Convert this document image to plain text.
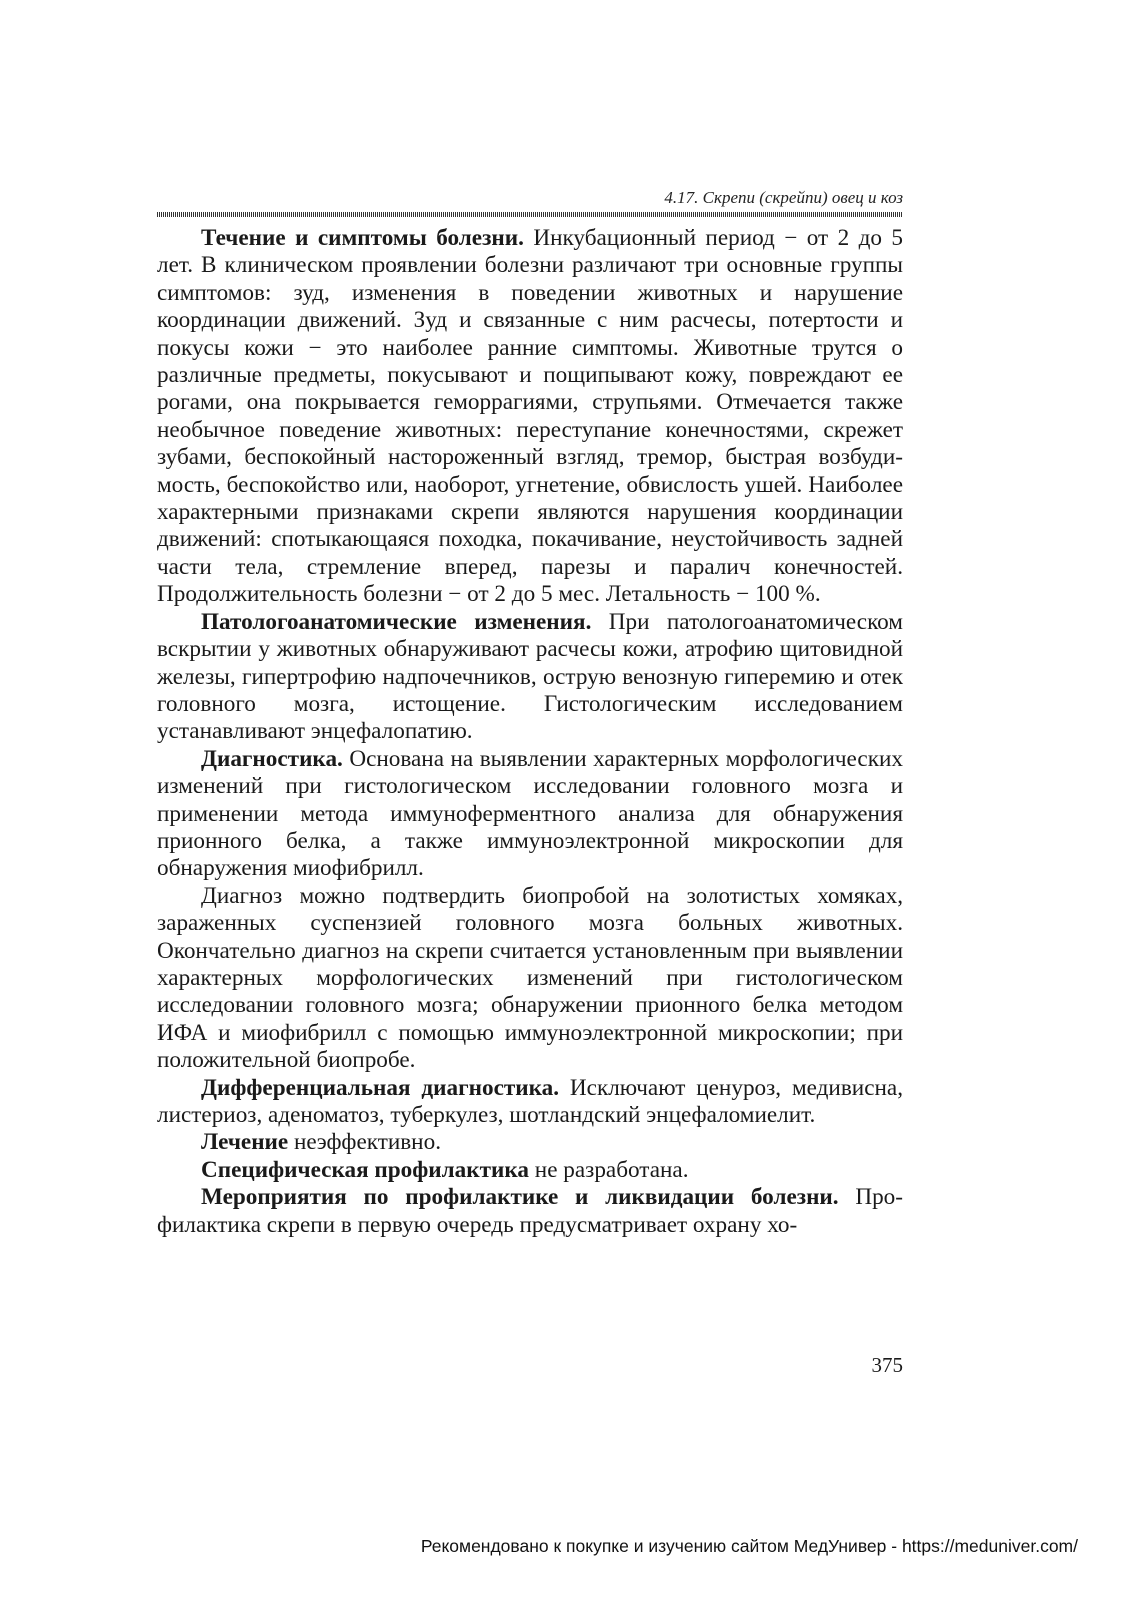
4.17. Скрепи (скрейпи) овец и коз

Течение и симптомы болезни. Инкубационный период − от 2 до 5 лет. В клиническом проявлении болезни различают три основные группы симптомов: зуд, изменения в поведении животных и нарушение координации движений. Зуд и связанные с ним расчесы, потертости и покусы кожи − это наиболее ранние симптомы. Животные трутся о различные предметы, покусывают и пощипывают кожу, повреждают ее рогами, она покрывается геморрагиями, струпьями. Отмечается также необычное поведение животных: переступание конечностями, скрежет зубами, беспокойный настороженный взгляд, тремор, быстрая возбудимость, беспокойство или, наоборот, угнетение, обвислость ушей. Наиболее характерными признаками скрепи являются нарушения координации движений: спотыкающаяся походка, покачивание, неустойчивость задней части тела, стремление вперед, парезы и паралич конечностей. Продолжительность болезни − от 2 до 5 мес. Летальность − 100 %.

Патологоанатомические изменения. При патологоанатомическом вскрытии у животных обнаруживают расчесы кожи, атрофию щитовидной железы, гипертрофию надпочечников, острую венозную гиперемию и отек головного мозга, истощение. Гистологическим исследованием устанавливают энцефалопатию.

Диагностика. Основана на выявлении характерных морфологических изменений при гистологическом исследовании головного мозга и применении метода иммуноферментного анализа для обнаружения прионного белка, а также иммуноэлектронной микроскопии для обнаружения миофибрилл.

Диагноз можно подтвердить биопробой на золотистых хомяках, зараженных суспензией головного мозга больных животных. Окончательно диагноз на скрепи считается установленным при выявлении характерных морфологических изменений при гистологическом исследовании головного мозга; обнаружении прионного белка методом ИФА и миофибрилл с помощью иммуноэлектронной микроскопии; при положительной биопробе.

Дифференциальная диагностика. Исключают ценуроз, медивисна, листериоз, аденоматоз, туберкулез, шотландский энцефаломиелит.

Лечение неэффективно.

Специфическая профилактика не разработана.

Мероприятия по профилактике и ликвидации болезни. Профилактика скрепи в первую очередь предусматривает охрану хо-

375
Рекомендовано к покупке и изучению сайтом МедУнивер - https://meduniver.com/
